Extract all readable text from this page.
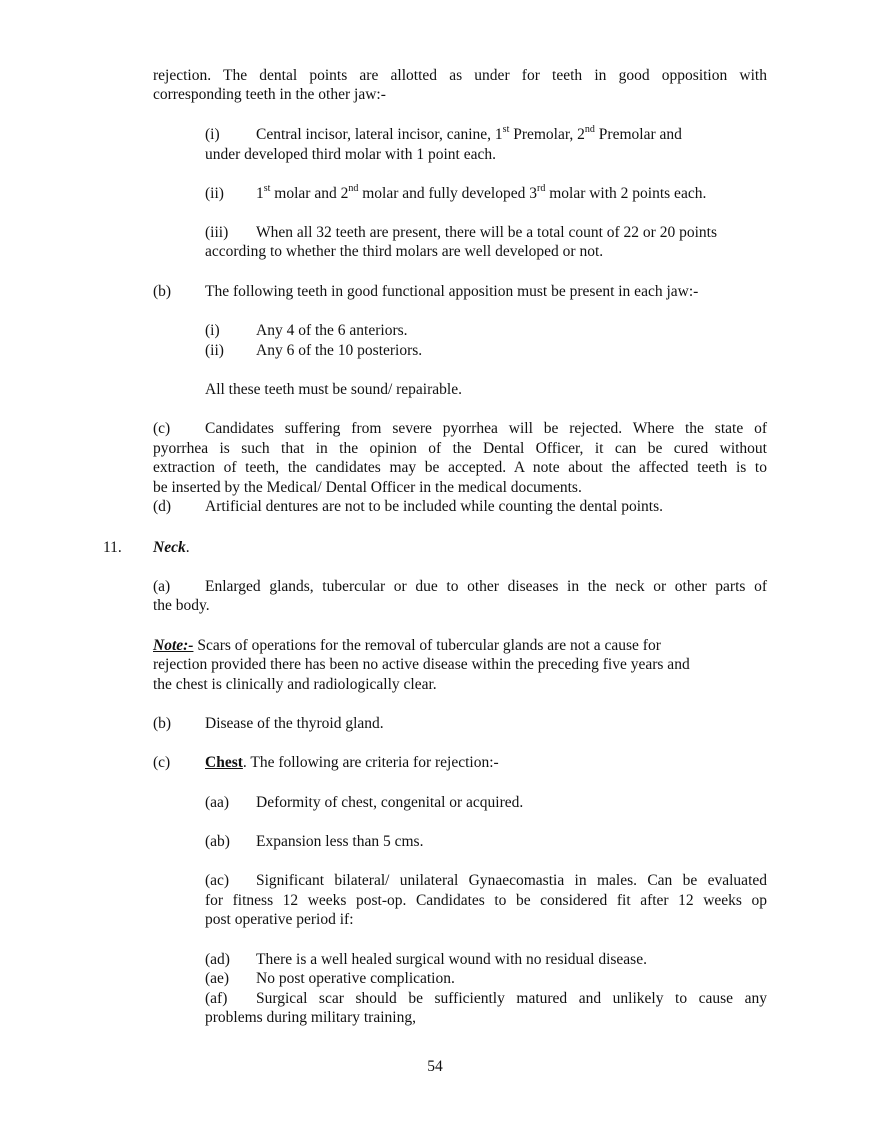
rejection. The dental points are allotted as under for teeth in good opposition with

corresponding teeth in the other jaw:-

(i) Central incisor, lateral incisor, canine, 1st Premolar, 2nd Premolar and

under developed third molar with 1 point each.

(ii) 1st molar and 2nd molar and fully developed 3rd molar with 2 points each.

(iii) When all 32 teeth are present, there will be a total count of 22 or 20 points

according to whether the third molars are well developed or not.

(b) The following teeth in good functional apposition must be present in each jaw:-

(i) Any 4 of the 6 anteriors.

(ii) Any 6 of the 10 posteriors.

All these teeth must be sound/ repairable.

(c) Candidates suffering from severe pyorrhea will be rejected. Where the state of

pyorrhea is such that in the opinion of the Dental Officer, it can be cured without

extraction of teeth, the candidates may be accepted. A note about the affected teeth is to

be inserted by the Medical/ Dental Officer in the medical documents.

(d) Artificial dentures are not to be included while counting the dental points.

11. Neck.

(a) Enlarged glands, tubercular or due to other diseases in the neck or other parts of

the body.

Note:- Scars of operations for the removal of tubercular glands are not a cause for

rejection provided there has been no active disease within the preceding five years and

the chest is clinically and radiologically clear.

(b) Disease of the thyroid gland.

(c) Chest. The following are criteria for rejection:-

(aa) Deformity of chest, congenital or acquired.

(ab) Expansion less than 5 cms.

(ac) Significant bilateral/ unilateral Gynaecomastia in males. Can be evaluated

for fitness 12 weeks post-op. Candidates to be considered fit after 12 weeks op

post operative period if:

(ad) There is a well healed surgical wound with no residual disease.

(ae) No post operative complication.

(af) Surgical scar should be sufficiently matured and unlikely to cause any

problems during military training,

54
